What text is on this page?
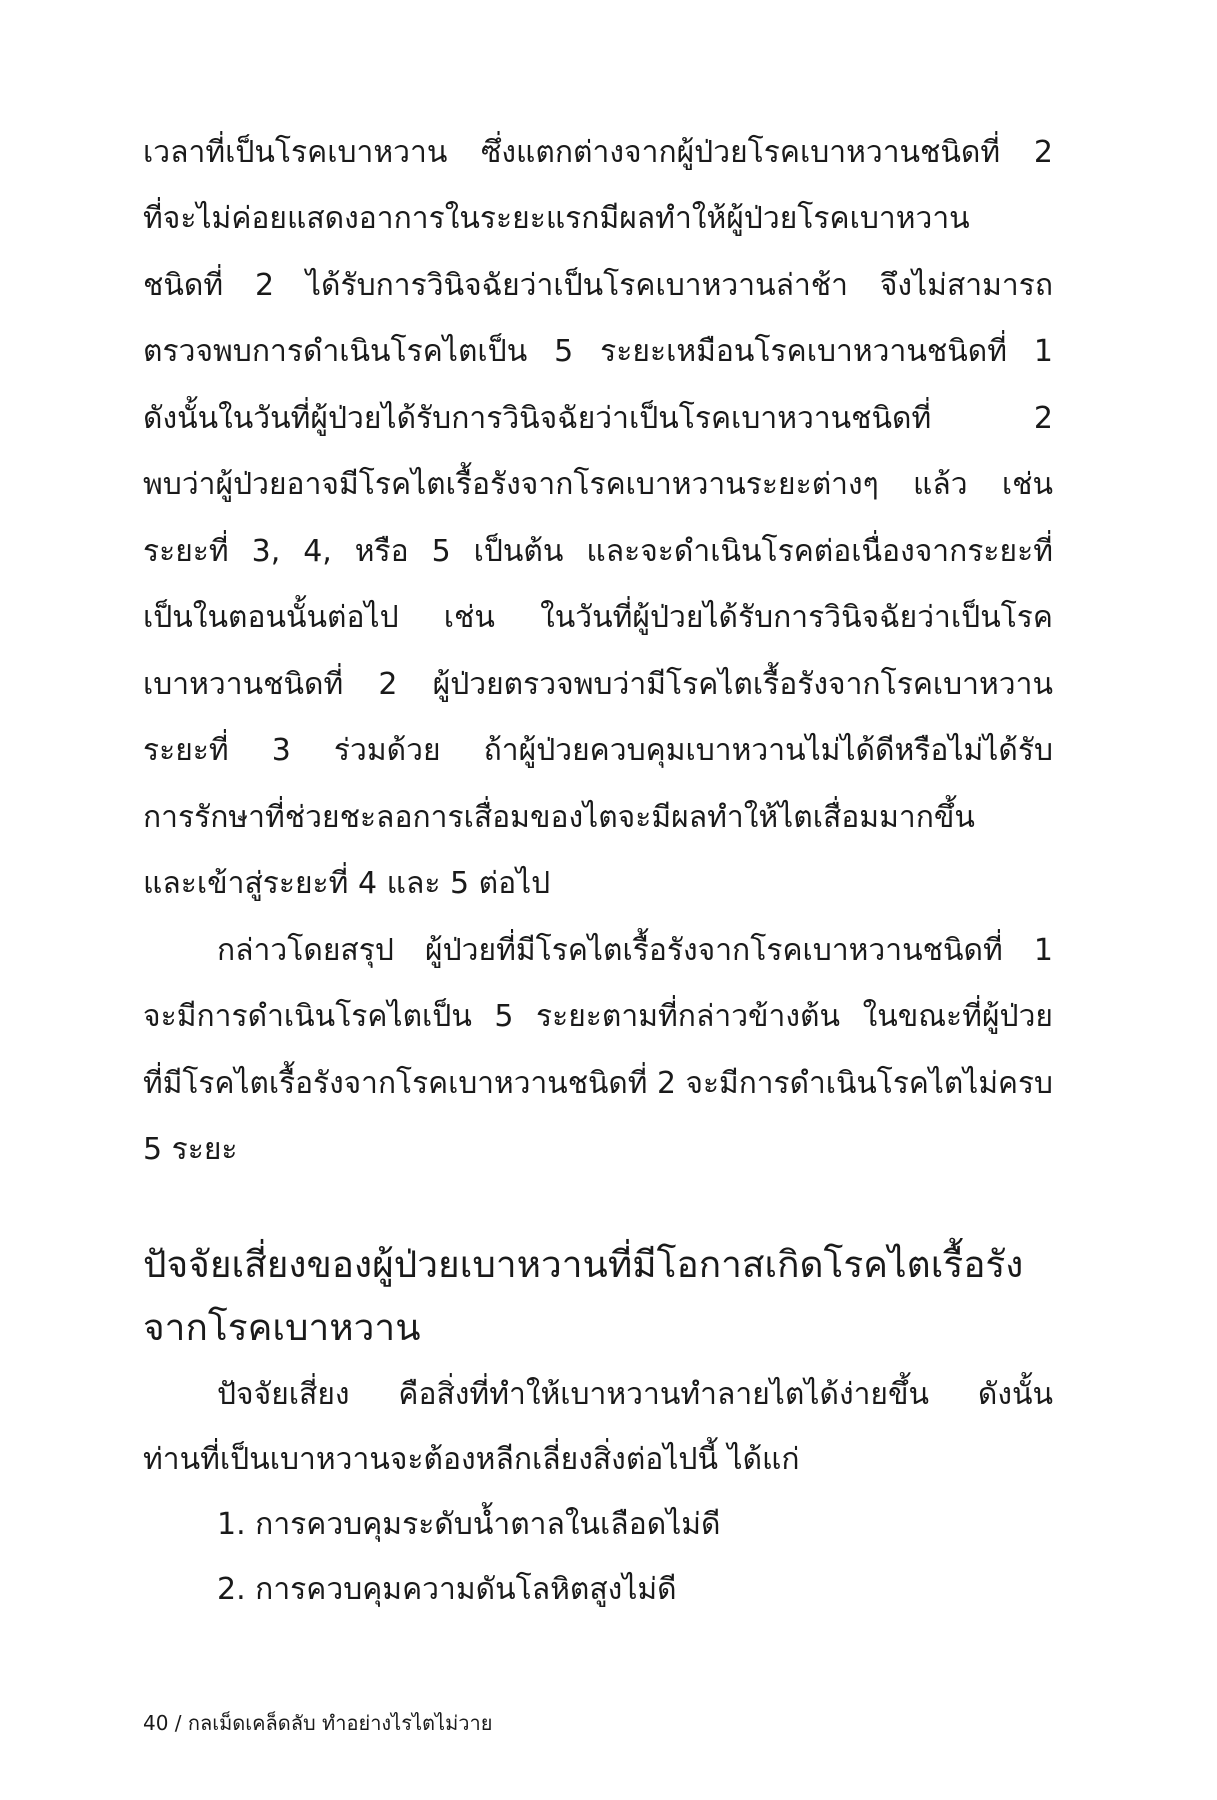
เวลาที่เป็นโรคเบาหวาน ซึ่งแตกต่างจากผู้ป่วยโรคเบาหวานชนิดที่ 2
ที่จะไม่ค่อยแสดงอาการในระยะแรกมีผลทำให้ผู้ป่วยโรคเบาหวาน
ชนิดที่ 2 ได้รับการวินิจฉัยว่าเป็นโรคเบาหวานล่าช้า จึงไม่สามารถ
ตรวจพบการดำเนินโรคไตเป็น 5 ระยะเหมือนโรคเบาหวานชนิดที่ 1
ดังนั้นในวันที่ผู้ป่วยได้รับการวินิจฉัยว่าเป็นโรคเบาหวานชนิดที่ 2
พบว่าผู้ป่วยอาจมีโรคไตเรื้อรังจากโรคเบาหวานระยะต่างๆ แล้ว เช่น
ระยะที่ 3, 4, หรือ 5 เป็นต้น และจะดำเนินโรคต่อเนื่องจากระยะที่
เป็นในตอนนั้นต่อไป เช่น ในวันที่ผู้ป่วยได้รับการวินิจฉัยว่าเป็นโรค
เบาหวานชนิดที่ 2 ผู้ป่วยตรวจพบว่ามีโรคไตเรื้อรังจากโรคเบาหวาน
ระยะที่ 3 ร่วมด้วย ถ้าผู้ป่วยควบคุมเบาหวานไม่ได้ดีหรือไม่ได้รับ
การรักษาที่ช่วยชะลอการเสื่อมของไตจะมีผลทำให้ไตเสื่อมมากขึ้น
และเข้าสู่ระยะที่ 4 และ 5 ต่อไป
กล่าวโดยสรุป ผู้ป่วยที่มีโรคไตเรื้อรังจากโรคเบาหวานชนิดที่ 1
จะมีการดำเนินโรคไตเป็น 5 ระยะตามที่กล่าวข้างต้น ในขณะที่ผู้ป่วย
ที่มีโรคไตเรื้อรังจากโรคเบาหวานชนิดที่ 2 จะมีการดำเนินโรคไตไม่ครบ
5 ระยะ
ปัจจัยเสี่ยงของผู้ป่วยเบาหวานที่มีโอกาสเกิดโรคไตเรื้อรัง
จากโรคเบาหวาน
ปัจจัยเสี่ยง คือสิ่งที่ทำให้เบาหวานทำลายไตได้ง่ายขึ้น ดังนั้น
ท่านที่เป็นเบาหวานจะต้องหลีกเลี่ยงสิ่งต่อไปนี้ ได้แก่
1. การควบคุมระดับน้ำตาลในเลือดไม่ดี
2. การควบคุมความดันโลหิตสูงไม่ดี
40 / กลเม็ดเคล็ดลับ ทำอย่างไรไตไม่วาย
